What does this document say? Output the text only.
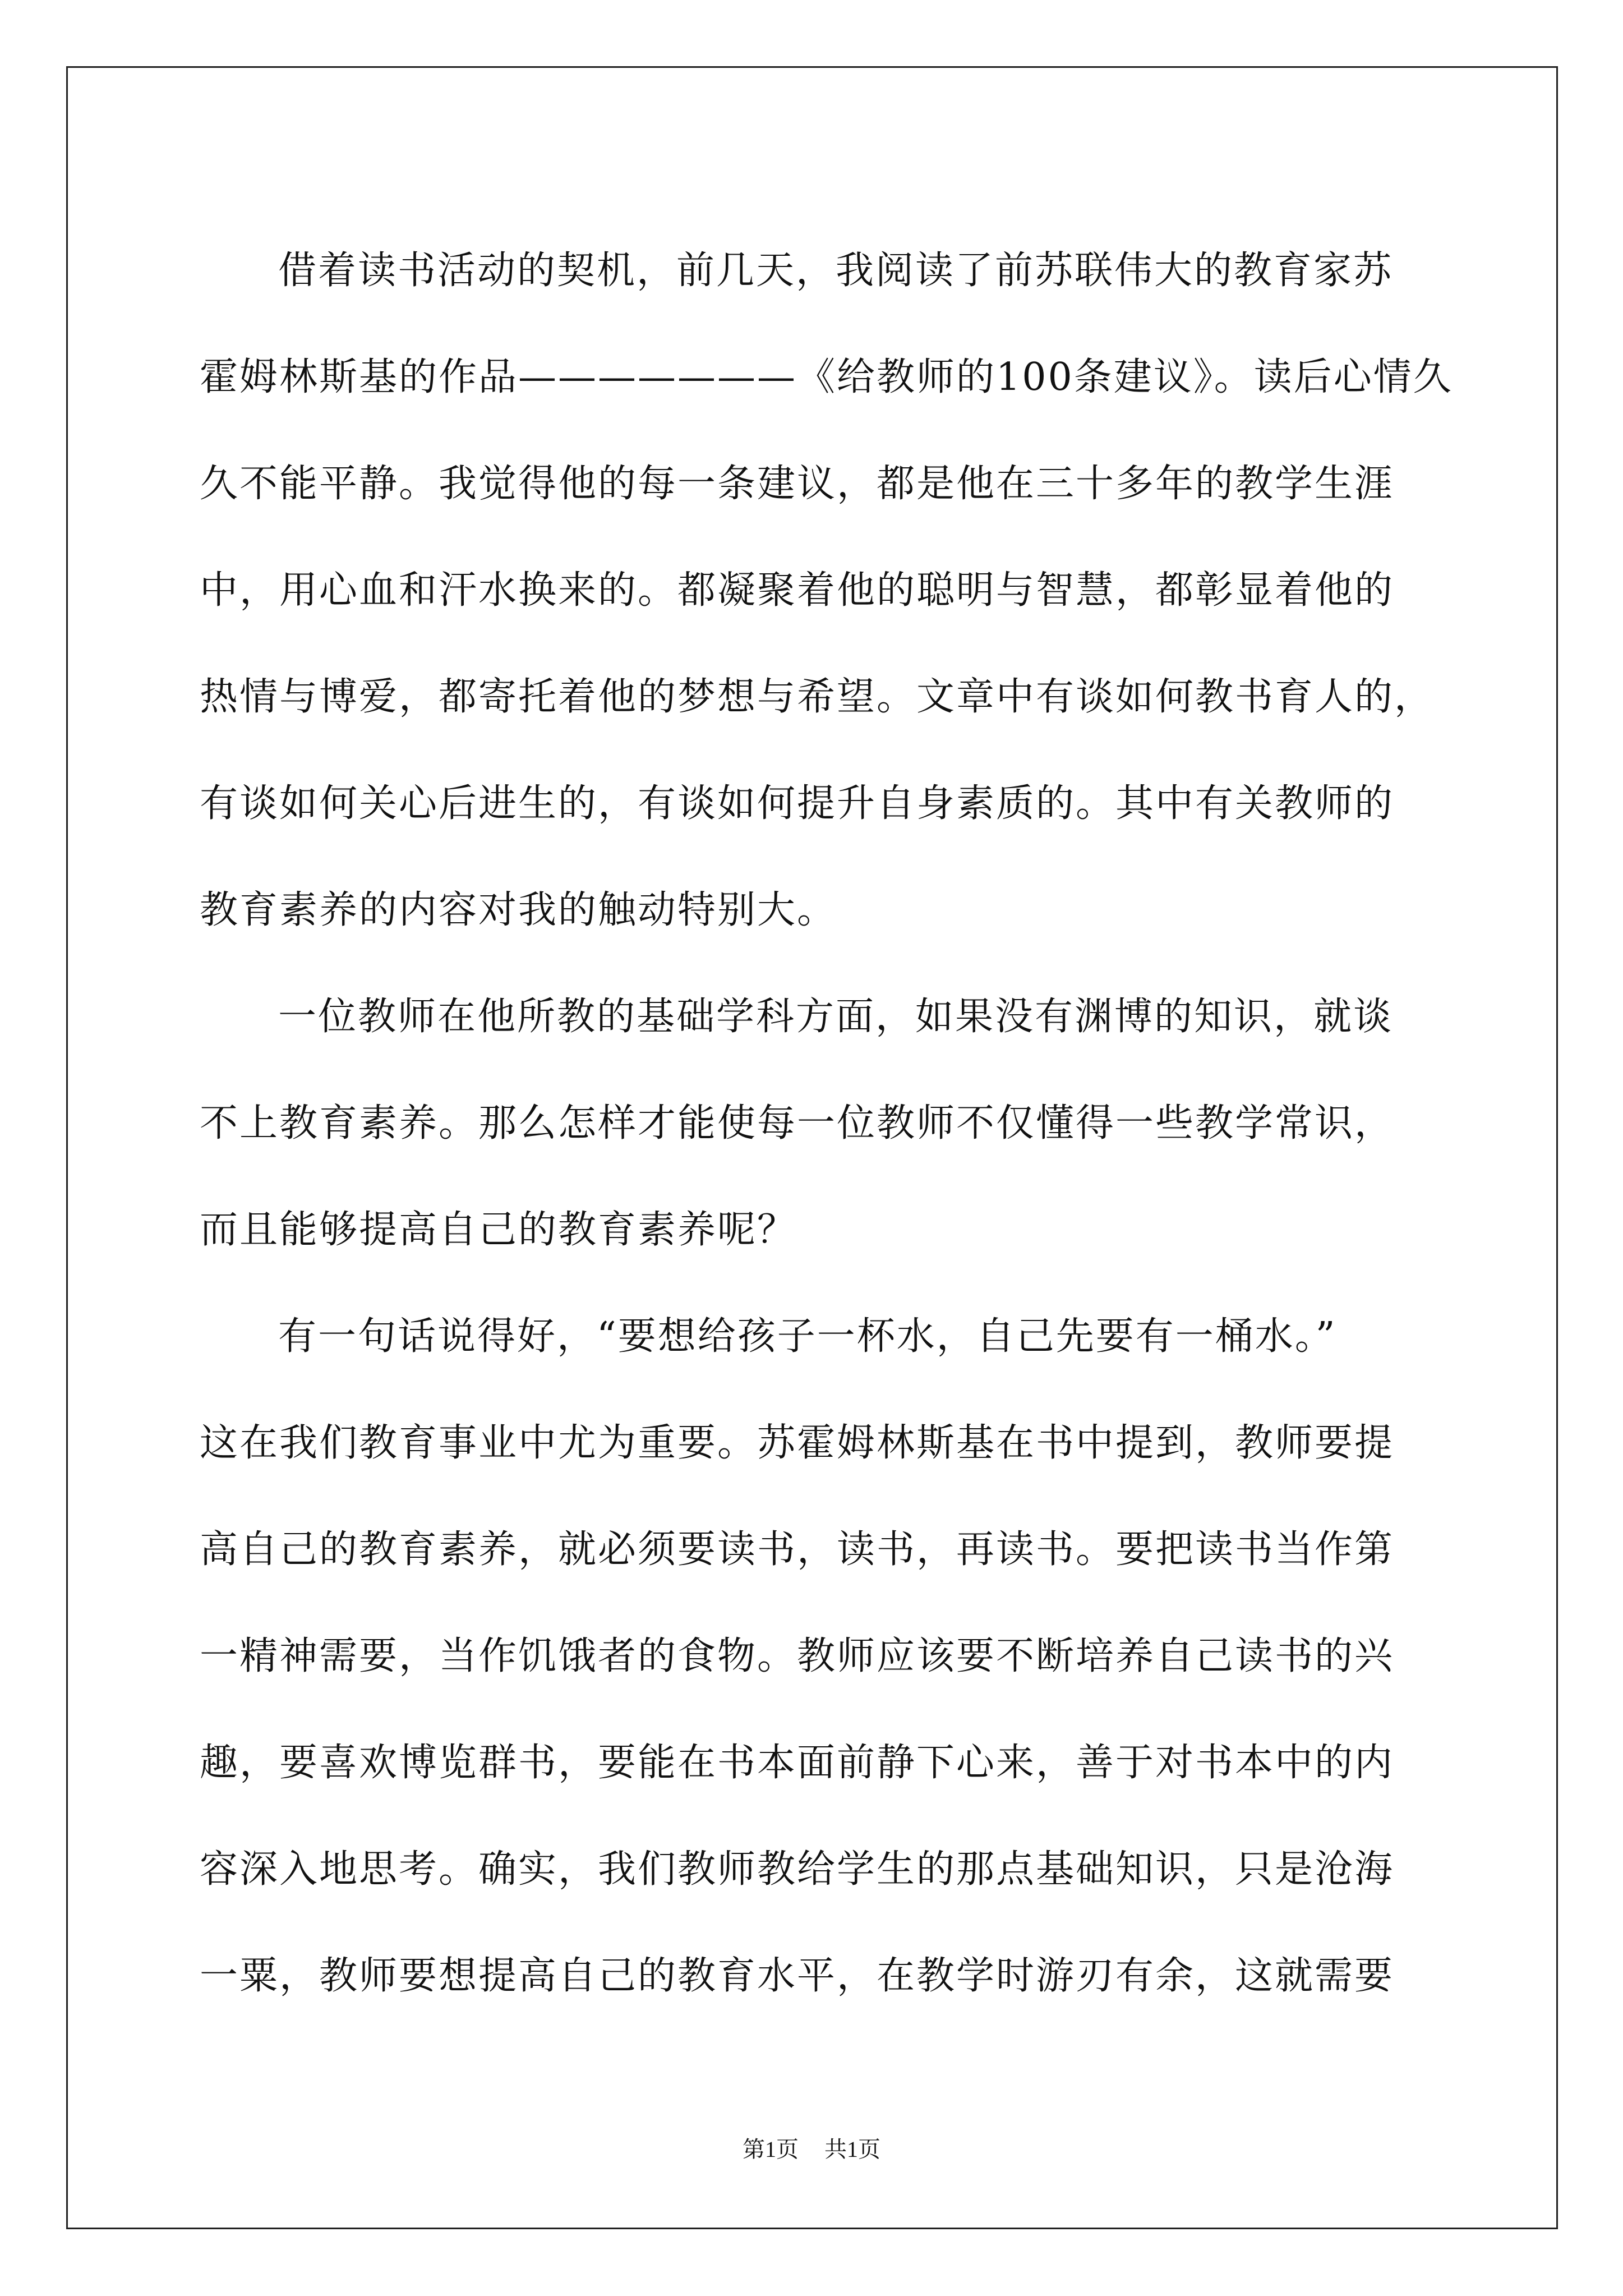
借着读书活动的契机，前几天，我阅读了前苏联伟大的教育家苏
霍姆林斯基的作品———————《给教师的100条建议》。读后心情久
久不能平静。我觉得他的每一条建议，都是他在三十多年的教学生涯
中，用心血和汗水换来的。都凝聚着他的聪明与智慧，都彰显着他的
热情与博爱，都寄托着他的梦想与希望。文章中有谈如何教书育人的，
有谈如何关心后进生的，有谈如何提升自身素质的。其中有关教师的
教育素养的内容对我的触动特别大。
一位教师在他所教的基础学科方面，如果没有渊博的知识，就谈
不上教育素养。那么怎样才能使每一位教师不仅懂得一些教学常识，
而且能够提高自己的教育素养呢？
有一句话说得好，“要想给孩子一杯水，自己先要有一桶水。”
这在我们教育事业中尤为重要。苏霍姆林斯基在书中提到，教师要提
高自己的教育素养，就必须要读书，读书，再读书。要把读书当作第
一精神需要，当作饥饿者的食物。教师应该要不断培养自己读书的兴
趣，要喜欢博览群书，要能在书本面前静下心来，善于对书本中的内
容深入地思考。确实，我们教师教给学生的那点基础知识，只是沧海
一粟，教师要想提高自己的教育水平，在教学时游刃有余，这就需要
第1页 共1页
